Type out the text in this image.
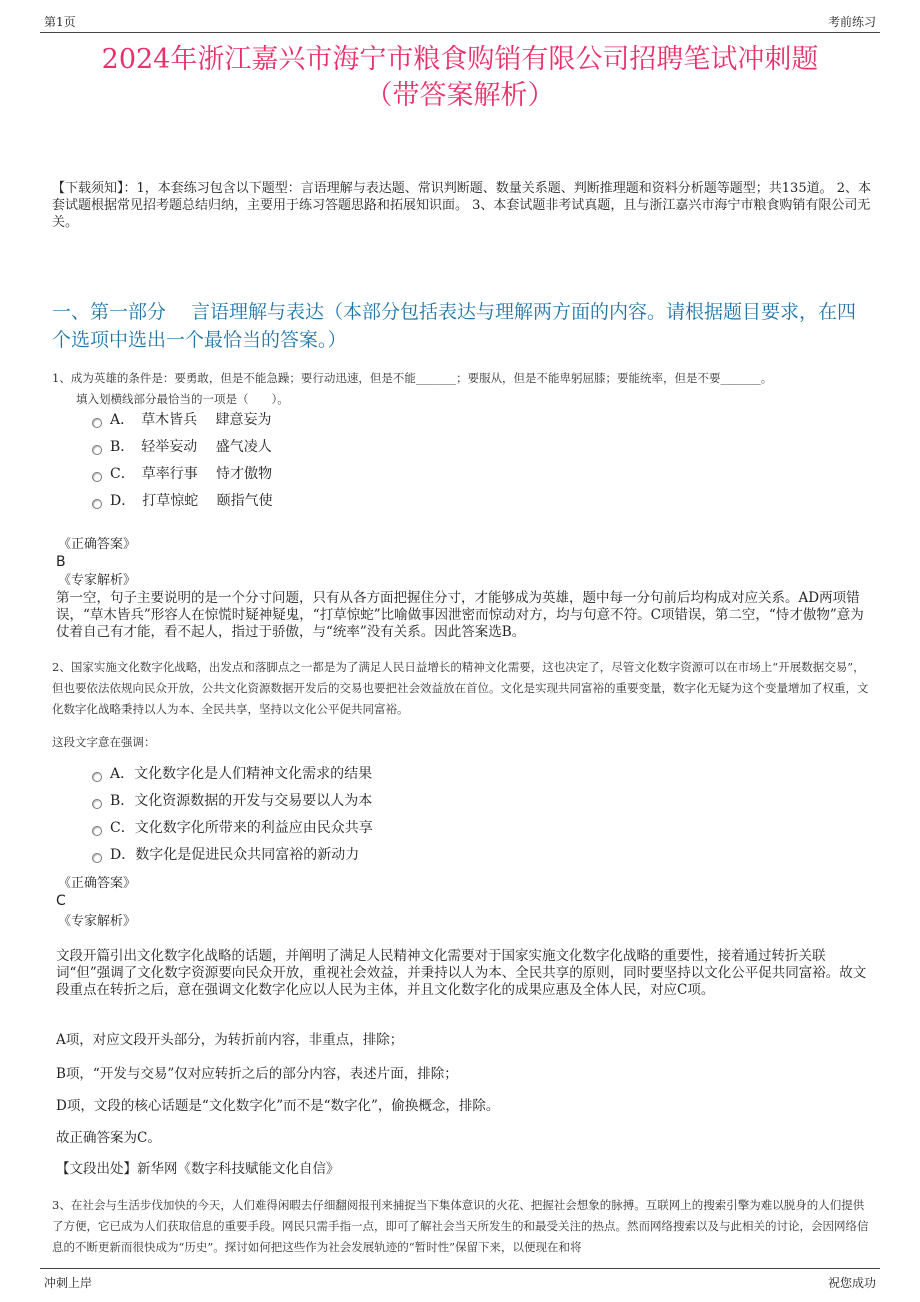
第1页	考前练习
2024年浙江嘉兴市海宁市粮食购销有限公司招聘笔试冲刺题
（带答案解析）
【下载须知】：1，本套练习包含以下题型：言语理解与表达题、常识判断题、数量关系题、判断推理题和资料分析题等题型；共135道。 2、本套试题根据常见招考题总结归纳，主要用于练习答题思路和拓展知识面。 3、本套试题非考试真题，且与浙江嘉兴市海宁市粮食购销有限公司无关。
一、第一部分　 言语理解与表达（本部分包括表达与理解两方面的内容。请根据题目要求，在四个选项中选出一个最恰当的答案。）
1、成为英雄的条件是：要勇敢，但是不能急躁；要行动迅速，但是不能_______；要服从，但是不能卑躬屈膝；要能统率，但是不要_______。
填入划横线部分最恰当的一项是（　　）。
A．　草木皆兵　 肆意妄为
B．　轻举妄动　 盛气凌人
C．　草率行事　 恃才傲物
D．　打草惊蛇　 颐指气使
《正确答案》
B
《专家解析》
第一空，句子主要说明的是一个分寸问题，只有从各方面把握住分寸，才能够成为英雄，题中每一分句前后均构成对应关系。AD两项错误，“草木皆兵”形容人在惊慌时疑神疑鬼，“打草惊蛇”比喻做事因泄密而惊动对方，均与句意不符。C项错误，第二空，“恃才傲物”意为仗着自己有才能，看不起人，指过于骄傲，与“统率”没有关系。因此答案选B。
2、国家实施文化数字化战略，出发点和落脚点之一都是为了满足人民日益增长的精神文化需要，这也决定了，尽管文化数字资源可以在市场上“开展数据交易”，但也要依法依规向民众开放，公共文化资源数据开发后的交易也要把社会效益放在首位。文化是实现共同富裕的重要变量，数字化无疑为这个变量增加了权重，文化数字化战略秉持以人为本、全民共享，坚持以文化公平促共同富裕。
这段文字意在强调：
A．文化数字化是人们精神文化需求的结果
B．文化资源数据的开发与交易要以人为本
C．文化数字化所带来的利益应由民众共享
D．数字化是促进民众共同富裕的新动力
《正确答案》
C
《专家解析》
文段开篇引出文化数字化战略的话题，并阐明了满足人民精神文化需要对于国家实施文化数字化战略的重要性，接着通过转折关联词“但”强调了文化数字资源要向民众开放，重视社会效益，并秉持以人为本、全民共享的原则，同时要坚持以文化公平促共同富裕。故文段重点在转折之后，意在强调文化数字化应以人民为主体，并且文化数字化的成果应惠及全体人民，对应C项。
A项，对应文段开头部分，为转折前内容，非重点，排除；
B项，“开发与交易”仅对应转折之后的部分内容，表述片面，排除；
D项，文段的核心话题是“文化数字化”而不是“数字化”，偷换概念，排除。
故正确答案为C。
【文段出处】新华网《数字科技赋能文化自信》
3、在社会与生活步伐加快的今天，人们难得闲暇去仔细翻阅报刊来捕捉当下集体意识的火花、把握社会想象的脉搏。互联网上的搜索引擎为难以脱身的人们提供了方便，它已成为人们获取信息的重要手段。网民只需手指一点，即可了解社会当天所发生的和最受关注的热点。然而网络搜索以及与此相关的讨论，会因网络信息的不断更新而很快成为“历史”。探讨如何把这些作为社会发展轨迹的“暂时性”保留下来，以便现在和将
冲刺上岸	祝您成功
